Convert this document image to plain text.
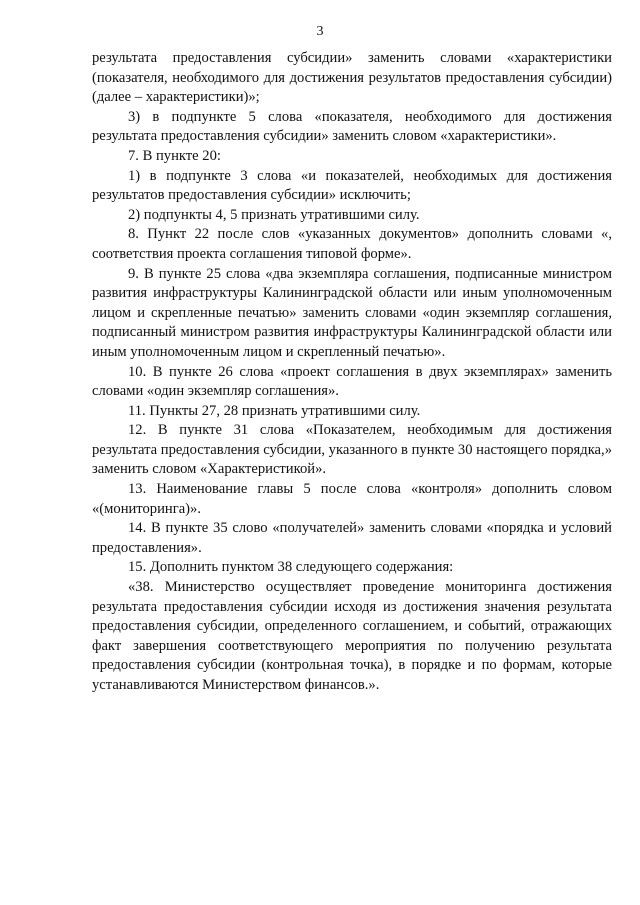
3

результата предоставления субсидии» заменить словами «характеристики (показателя, необходимого для достижения результатов предоставления субсидии) (далее – характеристики)»;

3) в подпункте 5 слова «показателя, необходимого для достижения результата предоставления субсидии» заменить словом «характеристики».

7. В пункте 20:

1) в подпункте 3 слова «и показателей, необходимых для достижения результатов предоставления субсидии» исключить;

2) подпункты 4, 5 признать утратившими силу.

8. Пункт 22 после слов «указанных документов» дополнить словами «, соответствия проекта соглашения типовой форме».

9. В пункте 25 слова «два экземпляра соглашения, подписанные министром развития инфраструктуры Калининградской области или иным уполномоченным лицом и скрепленные печатью» заменить словами «один экземпляр соглашения, подписанный министром развития инфраструктуры Калининградской области или иным уполномоченным лицом и скрепленный печатью».

10. В пункте 26 слова «проект соглашения в двух экземплярах» заменить словами «один экземпляр соглашения».

11. Пункты 27, 28 признать утратившими силу.

12. В пункте 31 слова «Показателем, необходимым для достижения результата предоставления субсидии, указанного в пункте 30 настоящего порядка,» заменить словом «Характеристикой».

13. Наименование главы 5 после слова «контроля» дополнить словом «(мониторинга)».

14. В пункте 35 слово «получателей» заменить словами «порядка и условий предоставления».

15. Дополнить пунктом 38 следующего содержания:

«38. Министерство осуществляет проведение мониторинга достижения результата предоставления субсидии исходя из достижения значения результата предоставления субсидии, определенного соглашением, и событий, отражающих факт завершения соответствующего мероприятия по получению результата предоставления субсидии (контрольная точка), в порядке и по формам, которые устанавливаются Министерством финансов.».
